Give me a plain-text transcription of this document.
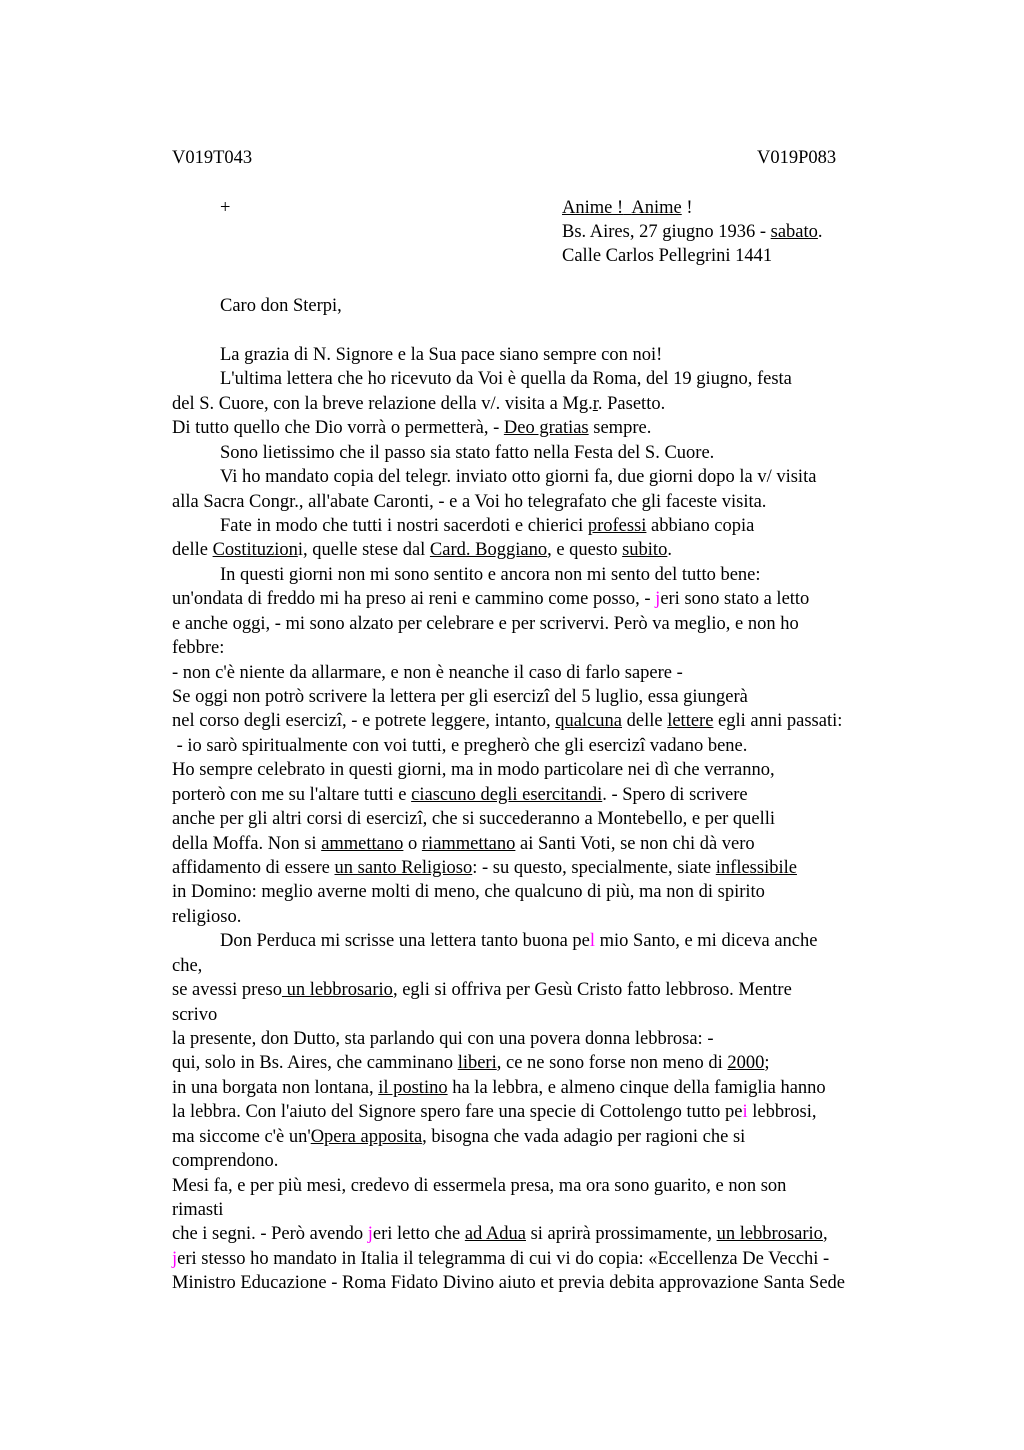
V019T043	V019P083
+	Anime ! Anime !
Bs. Aires, 27 giugno 1936 - sabato.
Calle Carlos Pellegrini 1441
Caro don Sterpi,
La grazia di N. Signore e la Sua pace siano sempre con noi!
L'ultima lettera che ho ricevuto da Voi è quella da Roma, del 19 giugno, festa
del S. Cuore, con la breve relazione della v/. visita a Mg.r. Pasetto.
Di tutto quello che Dio vorrà o permetterà, - Deo gratias sempre.
Sono lietissimo che il passo sia stato fatto nella Festa del S. Cuore.
Vi ho mandato copia del telegr. inviato otto giorni fa, due giorni dopo la v/ visita
alla Sacra Congr., all'abate Caronti, - e a Voi ho telegrafato che gli faceste visita.
Fate in modo che tutti i nostri sacerdoti e chierici professi abbiano copia
delle Costituzioni, quelle stese dal Card. Boggiano, e questo subito.
In questi giorni non mi sono sentito e ancora non mi sento del tutto bene:
un'ondata di freddo mi ha preso ai reni e cammino come posso, - jeri sono stato a letto
e anche oggi, - mi sono alzato per celebrare e per scrivervi. Però va meglio, e non ho
febbre:
- non c'è niente da allarmare, e non è neanche il caso di farlo sapere -
Se oggi non potrò scrivere la lettera per gli esercizî del 5 luglio, essa giungerà
nel corso degli esercizî, - e potrete leggere, intanto, qualcuna delle lettere egli anni passati:
- io sarò spiritualmente con voi tutti, e pregherò che gli esercizî vadano bene.
Ho sempre celebrato in questi giorni, ma in modo particolare nei dì che verranno,
porterò con me su l'altare tutti e ciascuno degli esercitandi. - Spero di scrivere
anche per gli altri corsi di esercizî, che si succederanno a Montebello, e per quelli
della Moffa. Non si ammettano o riammettano ai Santi Voti, se non chi dà vero
affidamento di essere un santo Religioso: - su questo, specialmente, siate inflessibile
in Domino: meglio averne molti di meno, che qualcuno di più, ma non di spirito
religioso.
Don Perduca mi scrisse una lettera tanto buona pel mio Santo, e mi diceva anche
che,
se avessi preso un lebbrosario, egli si offriva per Gesù Cristo fatto lebbroso. Mentre
scrivo
la presente, don Dutto, sta parlando qui con una povera donna lebbrosa: -
qui, solo in Bs. Aires, che camminano liberi, ce ne sono forse non meno di 2000;
in una borgata non lontana, il postino ha la lebbra, e almeno cinque della famiglia hanno
la lebbra. Con l'aiuto del Signore spero fare una specie di Cottolengo tutto pei lebbrosi,
ma siccome c'è un'Opera apposita, bisogna che vada adagio per ragioni che si
comprendono.
Mesi fa, e per più mesi, credevo di essermela presa, ma ora sono guarito, e non son
rimasti
che i segni. - Però avendo jeri letto che ad Adua si aprirà prossimamente, un lebbrosario,
jeri stesso ho mandato in Italia il telegramma di cui vi do copia: «Eccellenza De Vecchi -
Ministro Educazione - Roma Fidato Divino aiuto et previa debita approvazione Santa Sede
